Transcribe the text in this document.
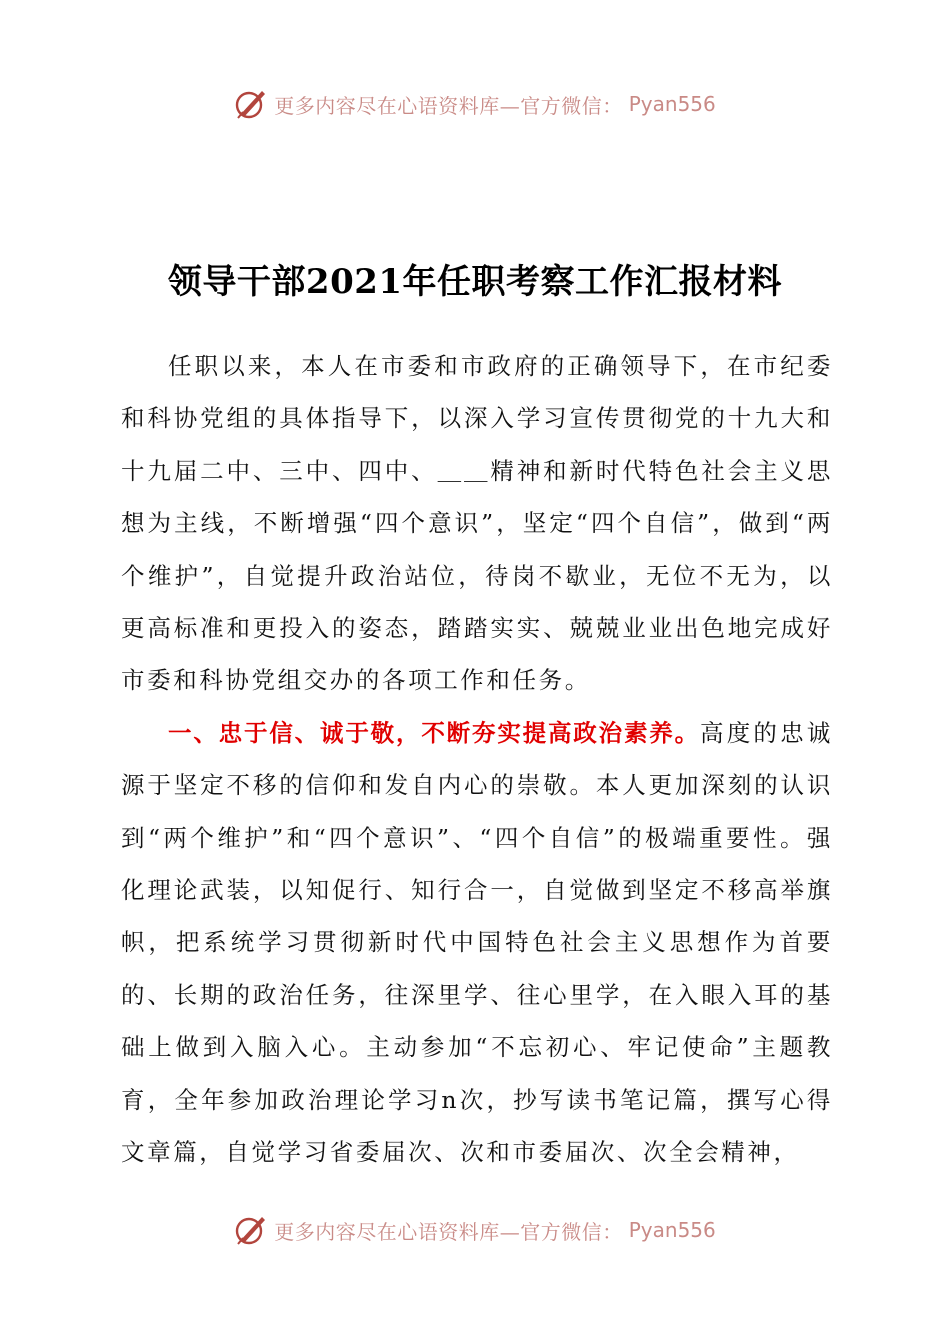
更多内容尽在心语资料库—官方微信： Pyan556
领导干部2021年任职考察工作汇报材料

任职以来，本人在市委和市政府的正确领导下，在市纪委和科协党组的具体指导下，以深入学习宣传贯彻党的十九大和十九届二中、三中、四中、＿＿精神和新时代特色社会主义思想为主线，不断增强“四个意识”，坚定“四个自信”，做到“两个维护”，自觉提升政治站位，待岗不歇业，无位不无为，以更高标准和更投入的姿态，踏踏实实、兢兢业业出色地完成好市委和科协党组交办的各项工作和任务。

一、忠于信、诚于敬，不断夯实提高政治素养。高度的忠诚源于坚定不移的信仰和发自内心的崇敬。本人更加深刻的认识到“两个维护”和“四个意识”、“四个自信”的极端重要性。强化理论武装，以知促行、知行合一，自觉做到坚定不移高举旗帜，把系统学习贯彻新时代中国特色社会主义思想作为首要的、长期的政治任务，往深里学、往心里学，在入眼入耳的基础上做到入脑入心。主动参加“不忘初心、牢记使命”主题教育，全年参加政治理论学习n次，抄写读书笔记篇，撰写心得文章篇，自觉学习省委届次、次和市委届次、次全会精神，

更多内容尽在心语资料库—官方微信： Pyan556
